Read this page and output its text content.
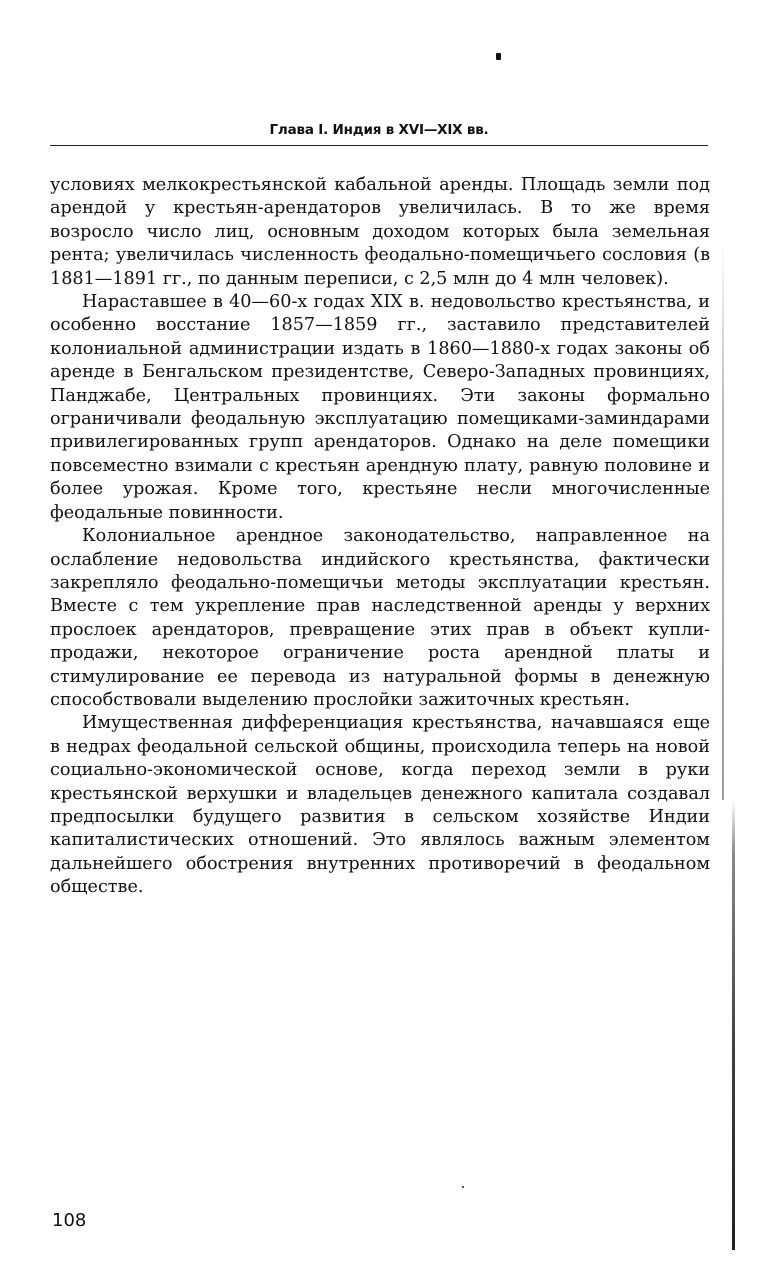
Глава I. Индия в XVI—XIX вв.

условиях мелкокрестьянской кабальной аренды. Площадь земли под арендой у крестьян-арендаторов увеличилась. В то же время возросло число лиц, основным доходом которых была земельная рента; увеличилась численность феодально-помещичьего сословия (в 1881—1891 гг., по данным переписи, с 2,5 млн до 4 млн человек).

Нараставшее в 40—60-х годах XIX в. недовольство крестьянства, и особенно восстание 1857—1859 гг., заставило представителей колониальной администрации издать в 1860—1880-х годах законы об аренде в Бенгальском президентстве, Северо-Западных провинциях, Панджабе, Центральных провинциях. Эти законы формально ограничивали феодальную эксплуатацию помещиками-заминдарами привилегированных групп арендаторов. Однако на деле помещики повсеместно взимали с крестьян арендную плату, равную половине и более урожая. Кроме того, крестьяне несли многочисленные феодальные повинности.

Колониальное арендное законодательство, направленное на ослабление недовольства индийского крестьянства, фактически закрепляло феодально-помещичьи методы эксплуатации крестьян. Вместе с тем укрепление прав наследственной аренды у верхних прослоек арендаторов, превращение этих прав в объект купли-продажи, некоторое ограничение роста арендной платы и стимулирование ее перевода из натуральной формы в денежную способствовали выделению прослойки зажиточных крестьян.

Имущественная дифференциация крестьянства, начавшаяся еще в недрах феодальной сельской общины, происходила теперь на новой социально-экономической основе, когда переход земли в руки крестьянской верхушки и владельцев денежного капитала создавал предпосылки будущего развития в сельском хозяйстве Индии капиталистических отношений. Это являлось важным элементом дальнейшего обострения внутренних противоречий в феодальном обществе.

108
